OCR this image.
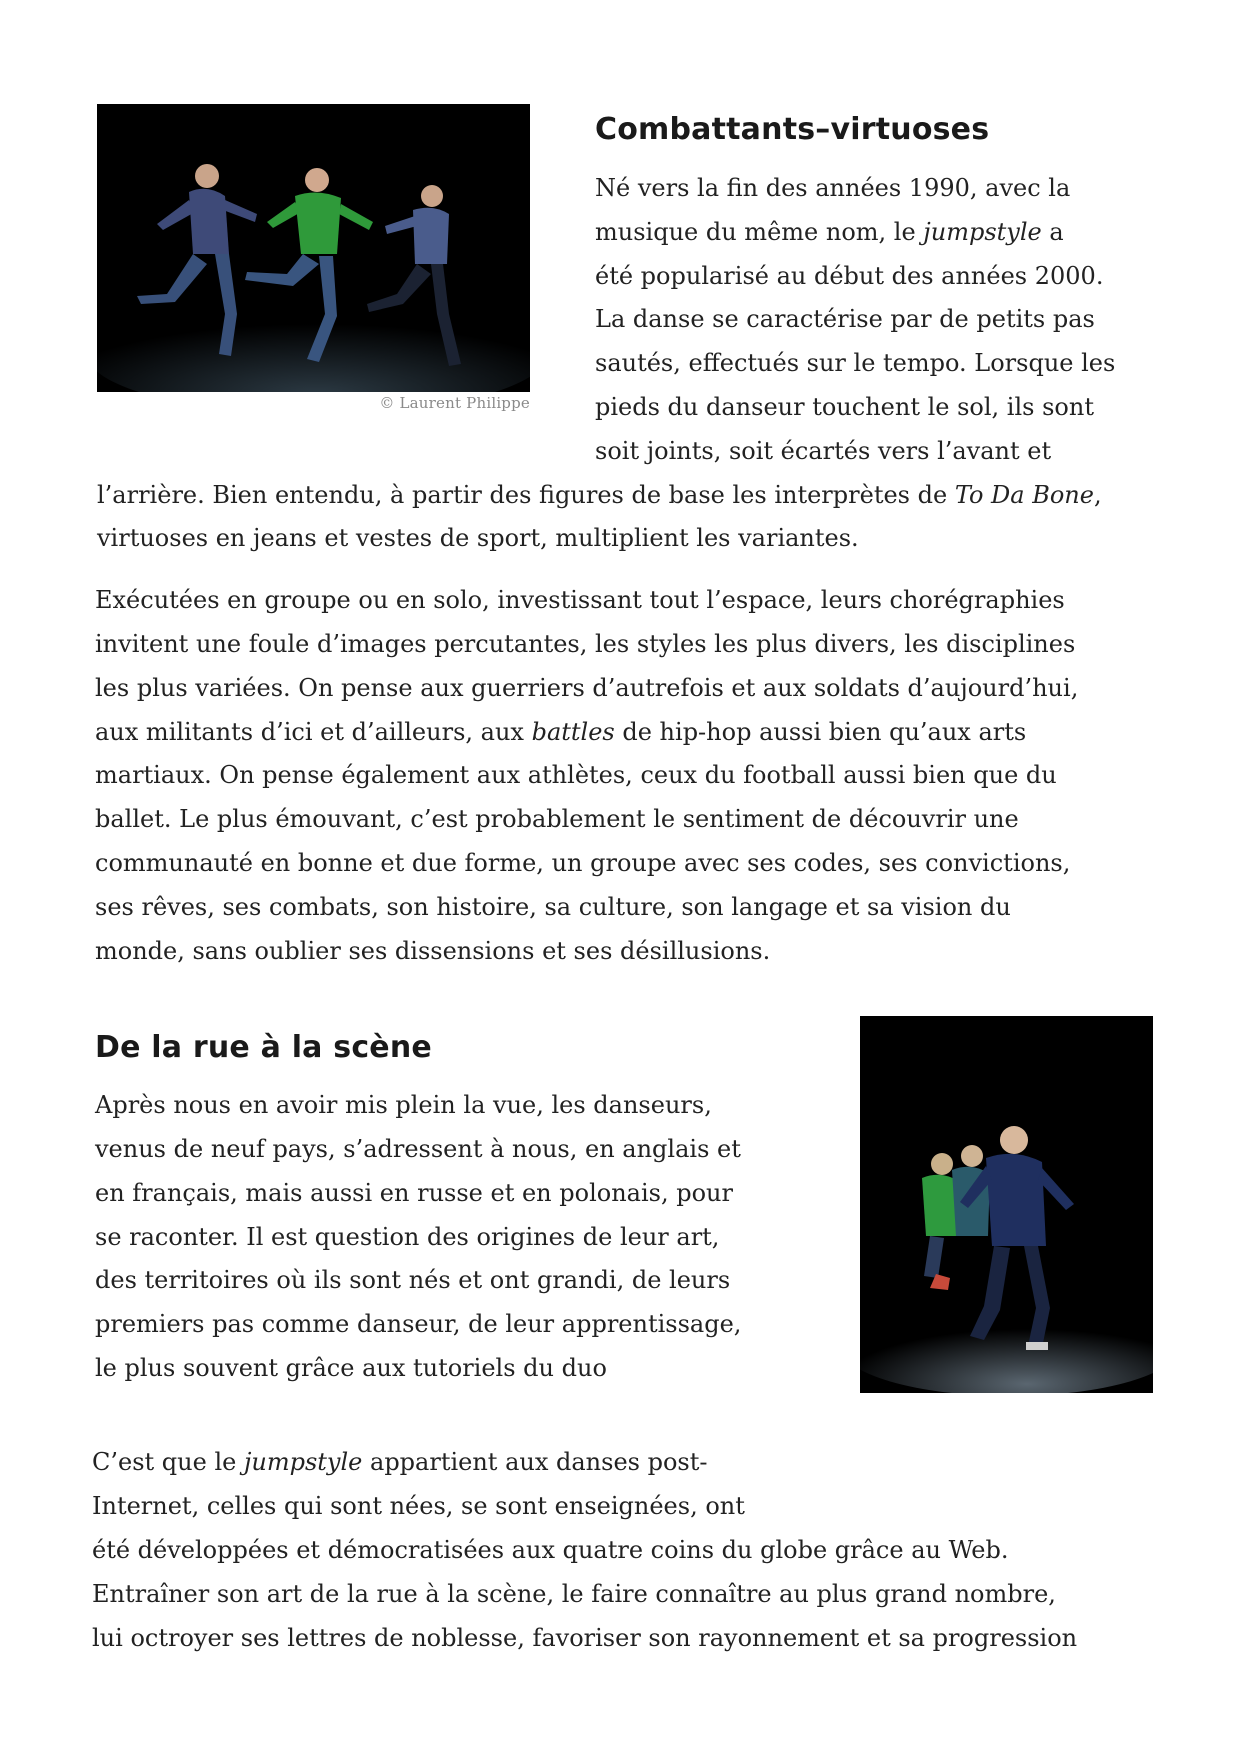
© Laurent Philippe
Combattants–virtuoses
Né vers la fin des années 1990, avec la
musique du même nom, le jumpstyle a
été popularisé au début des années 2000.
La danse se caractérise par de petits pas
sautés, effectués sur le tempo. Lorsque les
pieds du danseur touchent le sol, ils sont
soit joints, soit écartés vers l’avant et
l’arrière. Bien entendu, à partir des figures de base les interprètes de To Da Bone,
virtuoses en jeans et vestes de sport, multiplient les variantes.
Exécutées en groupe ou en solo, investissant tout l’espace, leurs chorégraphies
invitent une foule d’images percutantes, les styles les plus divers, les disciplines
les plus variées. On pense aux guerriers d’autrefois et aux soldats d’aujourd’hui,
aux militants d’ici et d’ailleurs, aux battles de hip-hop aussi bien qu’aux arts
martiaux. On pense également aux athlètes, ceux du football aussi bien que du
ballet. Le plus émouvant, c’est probablement le sentiment de découvrir une
communauté en bonne et due forme, un groupe avec ses codes, ses convictions,
ses rêves, ses combats, son histoire, sa culture, son langage et sa vision du
monde, sans oublier ses dissensions et ses désillusions.
De la rue à la scène
Après nous en avoir mis plein la vue, les danseurs,
venus de neuf pays, s’adressent à nous, en anglais et
en français, mais aussi en russe et en polonais, pour
se raconter. Il est question des origines de leur art,
des territoires où ils sont nés et ont grandi, de leurs
premiers pas comme danseur, de leur apprentissage,
le plus souvent grâce aux tutoriels du duo
C’est que le jumpstyle appartient aux danses post-
Internet, celles qui sont nées, se sont enseignées, ont
été développées et démocratisées aux quatre coins du globe grâce au Web.
Entraîner son art de la rue à la scène, le faire connaître au plus grand nombre,
lui octroyer ses lettres de noblesse, favoriser son rayonnement et sa progression
